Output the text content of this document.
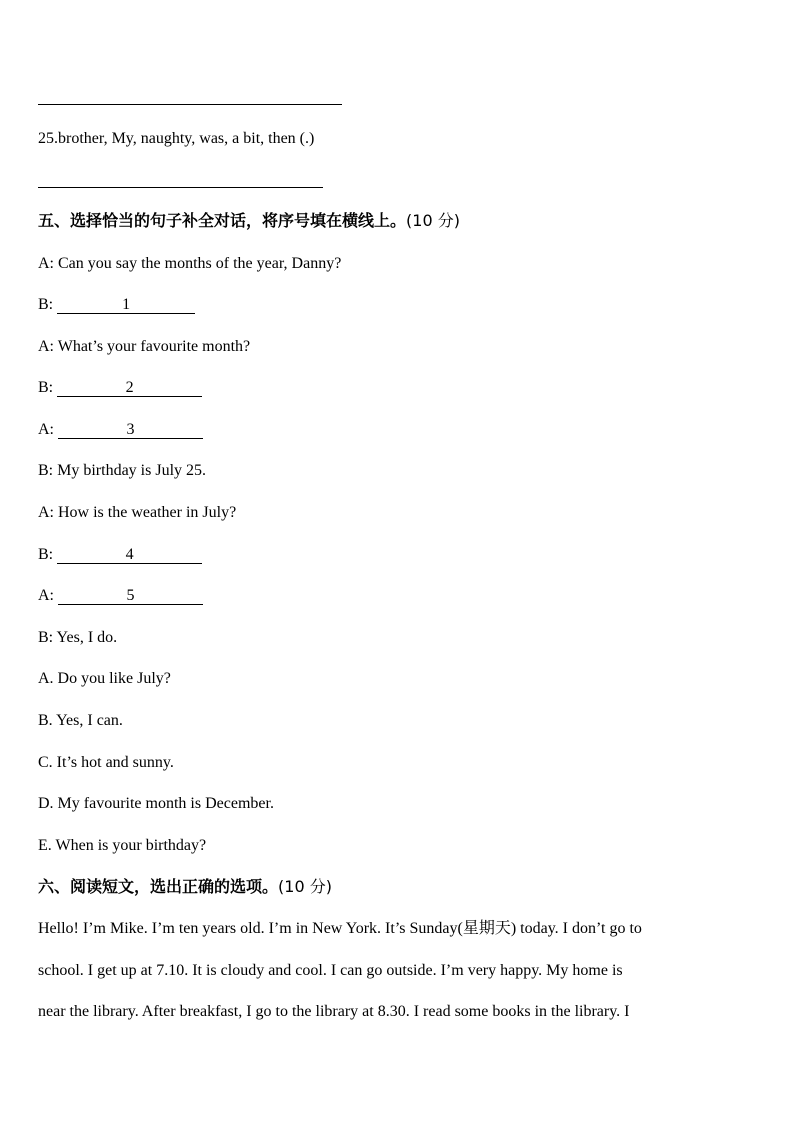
25.brother, My, naughty, was, a bit, then (.)
五、选择恰当的句子补全对话，将序号填在横线上。(10 分)
A: Can you say the months of the year, Danny?
B:	1
A: What’s your favourite month?
B:	2
A:	3
B: My birthday is July 25.
A: How is the weather in July?
B:	4
A:	5
B: Yes, I do.
A. Do you like July?
B. Yes, I can.
C. It’s hot and sunny.
D. My favourite month is December.
E. When is your birthday?
六、阅读短文，选出正确的选项。(10 分)
Hello! I’m Mike. I’m ten years old. I’m in New York. It’s Sunday(星期天) today. I don’t go to
school. I get up at 7.10. It is cloudy and cool. I can go outside. I’m very happy. My home is
near the library. After breakfast, I go to the library at 8.30. I read some books in the library. I
